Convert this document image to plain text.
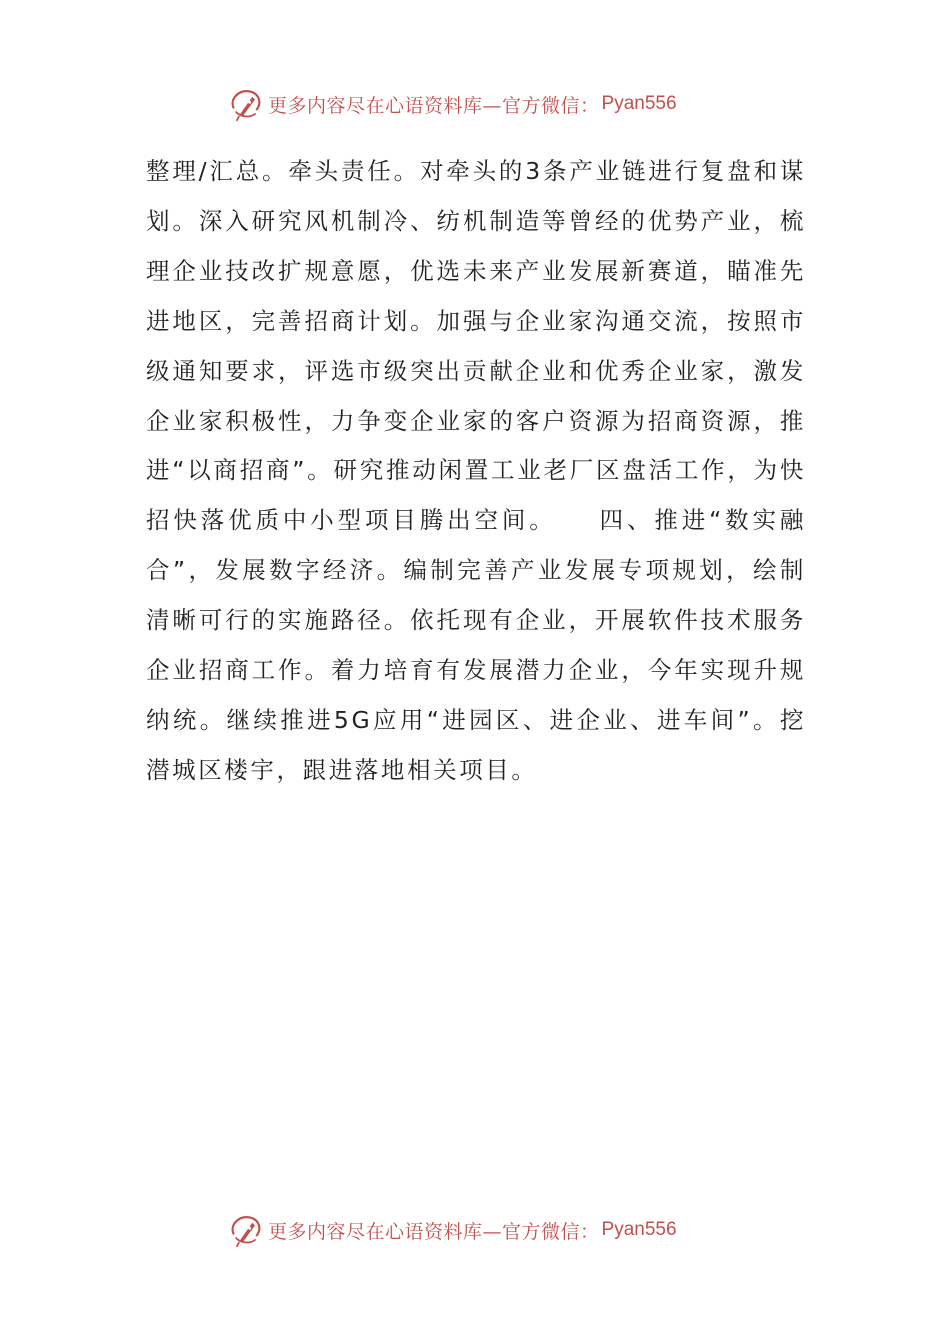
更多内容尽在心语资料库—官方微信： Pyan556

整理/汇总。牵头责任。对牵头的3条产业链进行复盘和谋划。深入研究风机制冷、纺机制造等曾经的优势产业，梳理企业技改扩规意愿，优选未来产业发展新赛道，瞄准先进地区，完善招商计划。加强与企业家沟通交流，按照市级通知要求，评选市级突出贡献企业和优秀企业家，激发企业家积极性，力争变企业家的客户资源为招商资源，推进“以商招商”。研究推动闲置工业老厂区盘活工作，为快招快落优质中小型项目腾出空间。　　四、推进“数实融合”，发展数字经济。编制完善产业发展专项规划，绘制清晰可行的实施路径。依托现有企业，开展软件技术服务企业招商工作。着力培育有发展潜力企业，今年实现升规纳统。继续推进5G应用“进园区、进企业、进车间”。挖潜城区楼宇，跟进落地相关项目。

更多内容尽在心语资料库—官方微信： Pyan556
